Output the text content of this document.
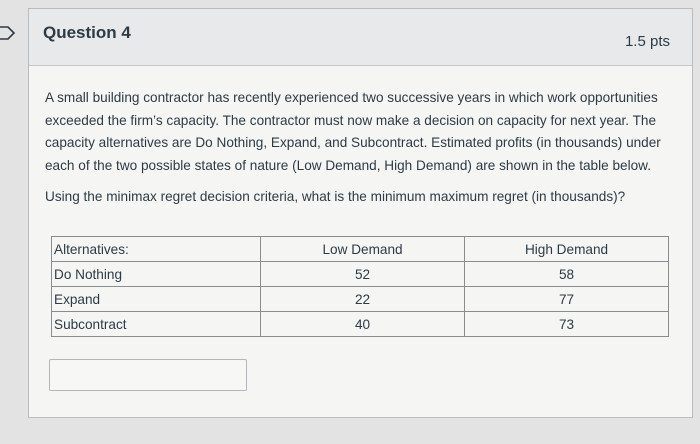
Question 4	1.5 pts

A small building contractor has recently experienced two successive years in which work opportunities exceeded the firm’s capacity. The contractor must now make a decision on capacity for next year. The capacity alternatives are Do Nothing, Expand, and Subcontract. Estimated profits (in thousands) under each of the two possible states of nature (Low Demand, High Demand) are shown in the table below.

Using the minimax regret decision criteria, what is the minimum maximum regret (in thousands)?

Alternatives:	Low Demand	High Demand
Do Nothing	52	58
Expand	22	77
Subcontract	40	73
